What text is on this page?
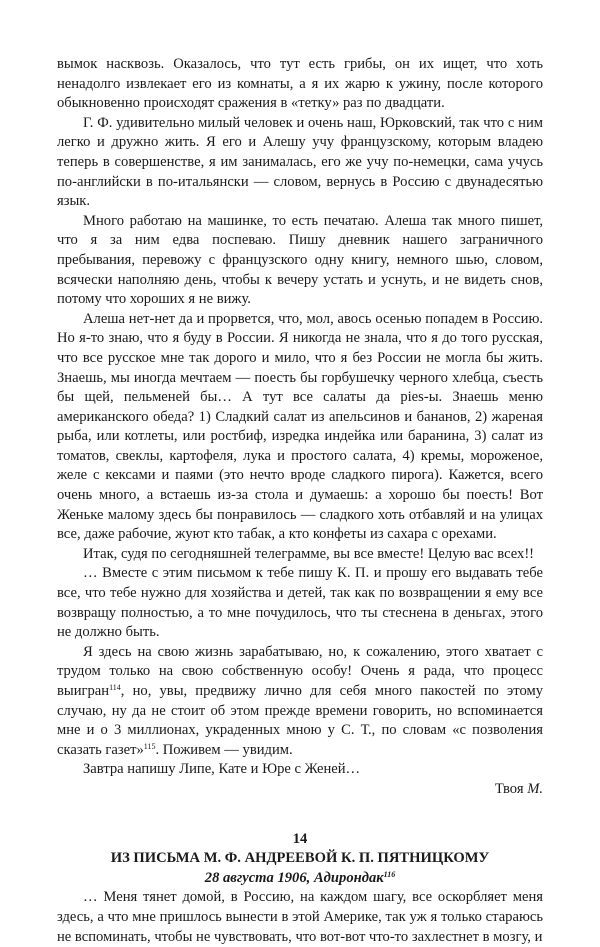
вымок насквозь. Оказалось, что тут есть грибы, он их ищет, что хоть ненадолго извлекает его из комнаты, а я их жарю к ужину, после которого обыкновенно происходят сражения в «тетку» раз по двадцати.

Г. Ф. удивительно милый человек и очень наш, Юрковский, так что с ним легко и дружно жить. Я его и Алешу учу французскому, которым владею теперь в совершенстве, я им занималась, его же учу по-немецки, сама учусь по-английски в по-итальянски — словом, вернусь в Россию с двунадесятью язык.

Много работаю на машинке, то есть печатаю. Алеша так много пишет, что я за ним едва поспеваю. Пишу дневник нашего заграничного пребывания, перевожу с французского одну книгу, немного шью, словом, всячески наполняю день, чтобы к вечеру устать и уснуть, и не видеть снов, потому что хороших я не вижу.

Алеша нет-нет да и прорвется, что, мол, авось осенью попадем в Россию. Но я-то знаю, что я буду в России. Я никогда не знала, что я до того русская, что все русское мне так дорого и мило, что я без России не могла бы жить. Знаешь, мы иногда мечтаем — поесть бы горбушечку черного хлебца, съесть бы щей, пельменей бы… А тут все салаты да pies-ы. Знаешь меню американского обеда? 1) Сладкий салат из апельсинов и бананов, 2) жареная рыба, или котлеты, или ростбиф, изредка индейка или баранина, 3) салат из томатов, свеклы, картофеля, лука и простого салата, 4) кремы, мороженое, желе с кексами и паями (это нечто вроде сладкого пирога). Кажется, всего очень много, а встаешь из-за стола и думаешь: а хорошо бы поесть! Вот Женьке малому здесь бы понравилось — сладкого хоть отбавляй и на улицах все, даже рабочие, жуют кто табак, а кто конфеты из сахара с орехами.

Итак, судя по сегодняшней телеграмме, вы все вместе! Целую вас всех!!

… Вместе с этим письмом к тебе пишу К. П. и прошу его выдавать тебе все, что тебе нужно для хозяйства и детей, так как по возвращении я ему все возвращу полностью, а то мне почудилось, что ты стеснена в деньгах, этого не должно быть.

Я здесь на свою жизнь зарабатываю, но, к сожалению, этого хватает с трудом только на свою собственную особу! Очень я рада, что процесс выигран$^{114}$, но, увы, предвижу лично для себя много пакостей по этому случаю, ну да не стоит об этом прежде времени говорить, но вспоминается мне и о 3 миллионах, украденных мною у С. Т., по словам «с позволения сказать газет»$^{115}$. Поживем — увидим.

Завтра напишу Липе, Кате и Юре с Женей…

Твоя М.

14
ИЗ ПИСЬМА М. Ф. АНДРЕЕВОЙ К. П. ПЯТНИЦКОМУ
28 августа 1906, Адирондак$^{116}$

… Меня тянет домой, в Россию, на каждом шагу, все оскорбляет меня здесь, а что мне пришлось вынести в этой Америке, так уж я только стараюсь не вспоминать, чтобы не чувствовать, что вот-вот что-то захлестнет в мозгу, и
